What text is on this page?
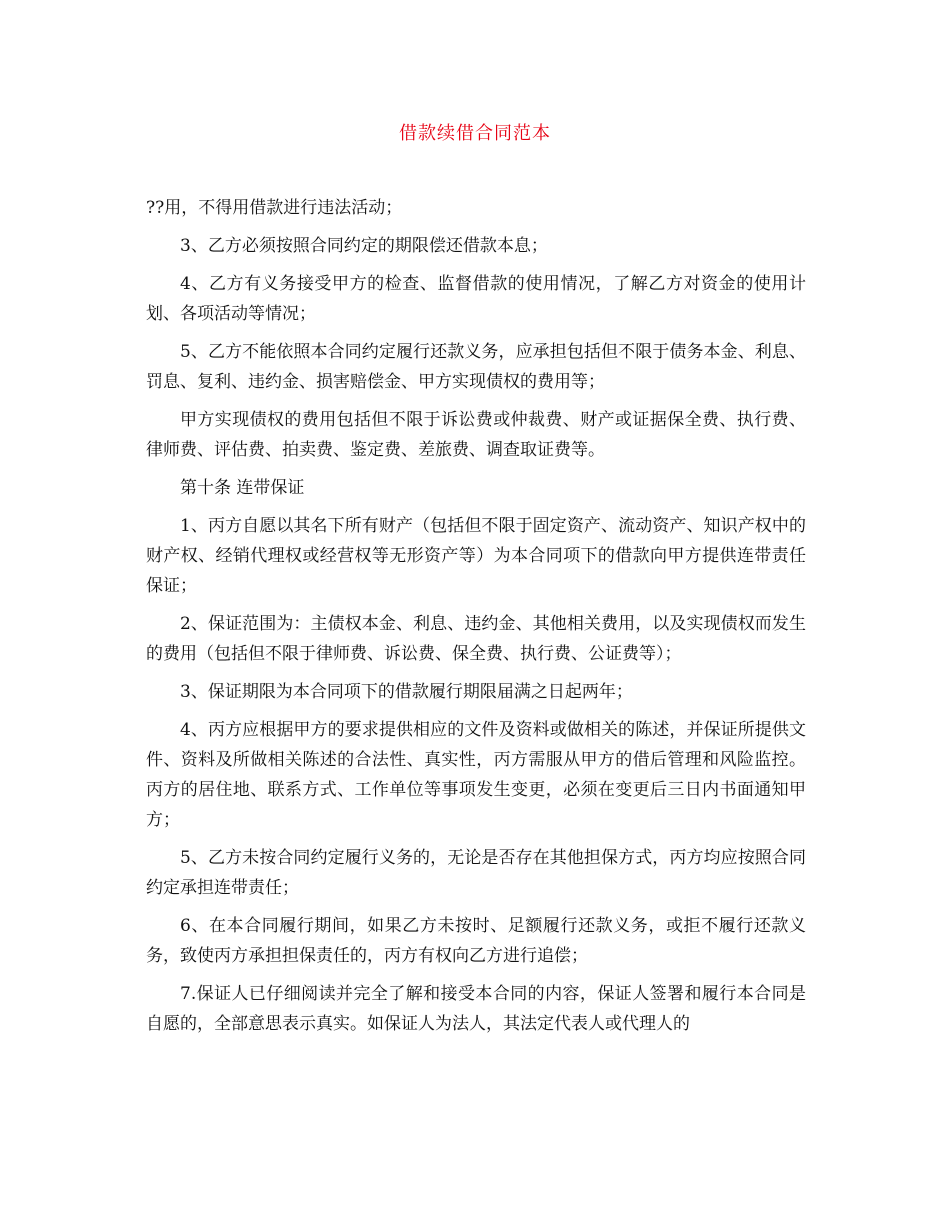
借款续借合同范本

??用，不得用借款进行违法活动；

3、乙方必须按照合同约定的期限偿还借款本息；

4、乙方有义务接受甲方的检查、监督借款的使用情况，了解乙方对资金的使用计划、各项活动等情况；

5、乙方不能依照本合同约定履行还款义务，应承担包括但不限于债务本金、利息、罚息、复利、违约金、损害赔偿金、甲方实现债权的费用等；

甲方实现债权的费用包括但不限于诉讼费或仲裁费、财产或证据保全费、执行费、律师费、评估费、拍卖费、鉴定费、差旅费、调查取证费等。

第十条 连带保证

1、丙方自愿以其名下所有财产（包括但不限于固定资产、流动资产、知识产权中的财产权、经销代理权或经营权等无形资产等）为本合同项下的借款向甲方提供连带责任保证；

2、保证范围为：主债权本金、利息、违约金、其他相关费用，以及实现债权而发生的费用（包括但不限于律师费、诉讼费、保全费、执行费、公证费等）；

3、保证期限为本合同项下的借款履行期限届满之日起两年；

4、丙方应根据甲方的要求提供相应的文件及资料或做相关的陈述，并保证所提供文件、资料及所做相关陈述的合法性、真实性，丙方需服从甲方的借后管理和风险监控。丙方的居住地、联系方式、工作单位等事项发生变更，必须在变更后三日内书面通知甲方；

5、乙方未按合同约定履行义务的，无论是否存在其他担保方式，丙方均应按照合同约定承担连带责任；

6、在本合同履行期间，如果乙方未按时、足额履行还款义务，或拒不履行还款义务，致使丙方承担担保责任的，丙方有权向乙方进行追偿；

7.保证人已仔细阅读并完全了解和接受本合同的内容，保证人签署和履行本合同是自愿的，全部意思表示真实。如保证人为法人，其法定代表人或代理人的
